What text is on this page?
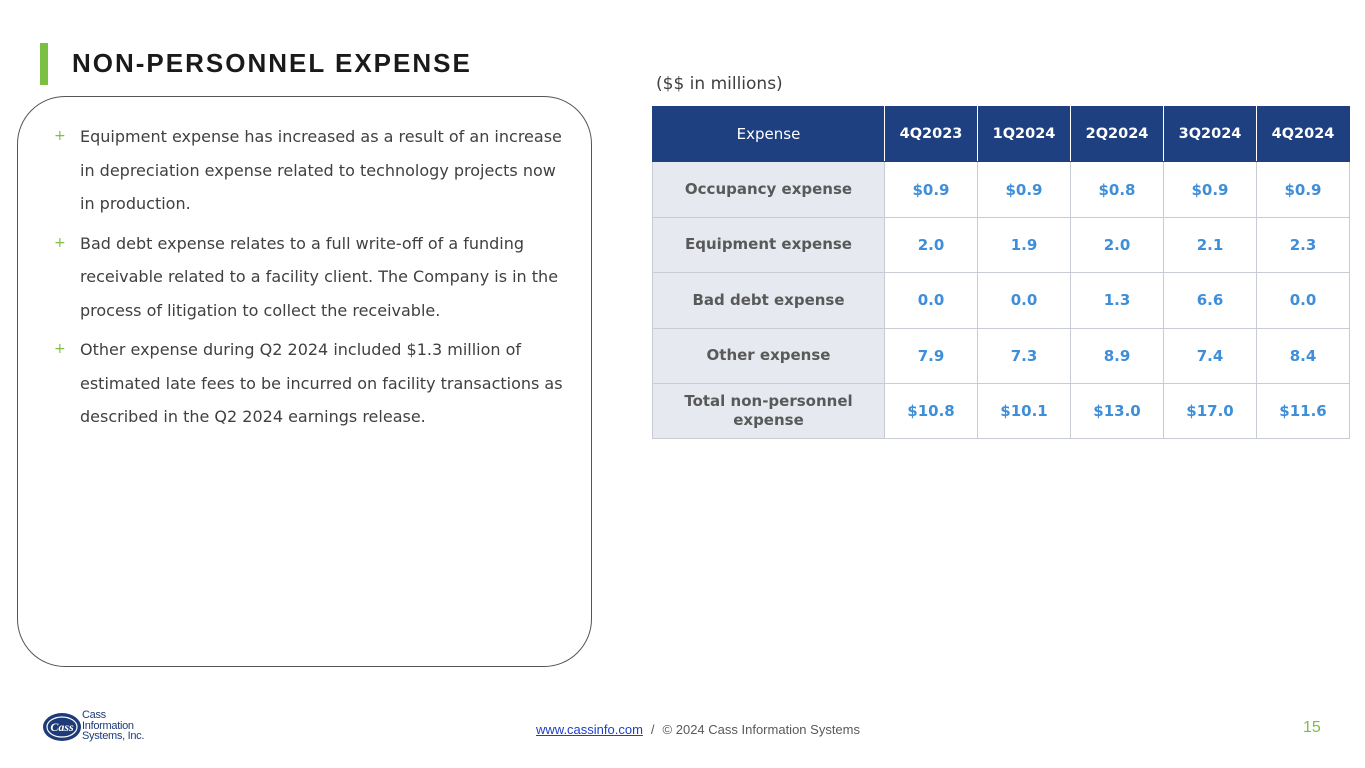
NON-PERSONNEL EXPENSE
+ Equipment expense has increased as a result of an increase in depreciation expense related to technology projects now in production.
+ Bad debt expense relates to a full write-off of a funding receivable related to a facility client. The Company is in the process of litigation to collect the receivable.
+ Other expense during Q2 2024 included $1.3 million of estimated late fees to be incurred on facility transactions as described in the Q2 2024 earnings release.
($$ in millions)
Expense	4Q2023	1Q2024	2Q2024	3Q2024	4Q2024
Occupancy expense	$0.9	$0.9	$0.8	$0.9	$0.9
Equipment expense	2.0	1.9	2.0	2.1	2.3
Bad debt expense	0.0	0.0	1.3	6.6	0.0
Other expense	7.9	7.3	8.9	7.4	8.4
Total non-personnel expense	$10.8	$10.1	$13.0	$17.0	$11.6
Cass
Cass
Information
Systems, Inc.	www.cassinfo.com / © 2024 Cass Information Systems	15
